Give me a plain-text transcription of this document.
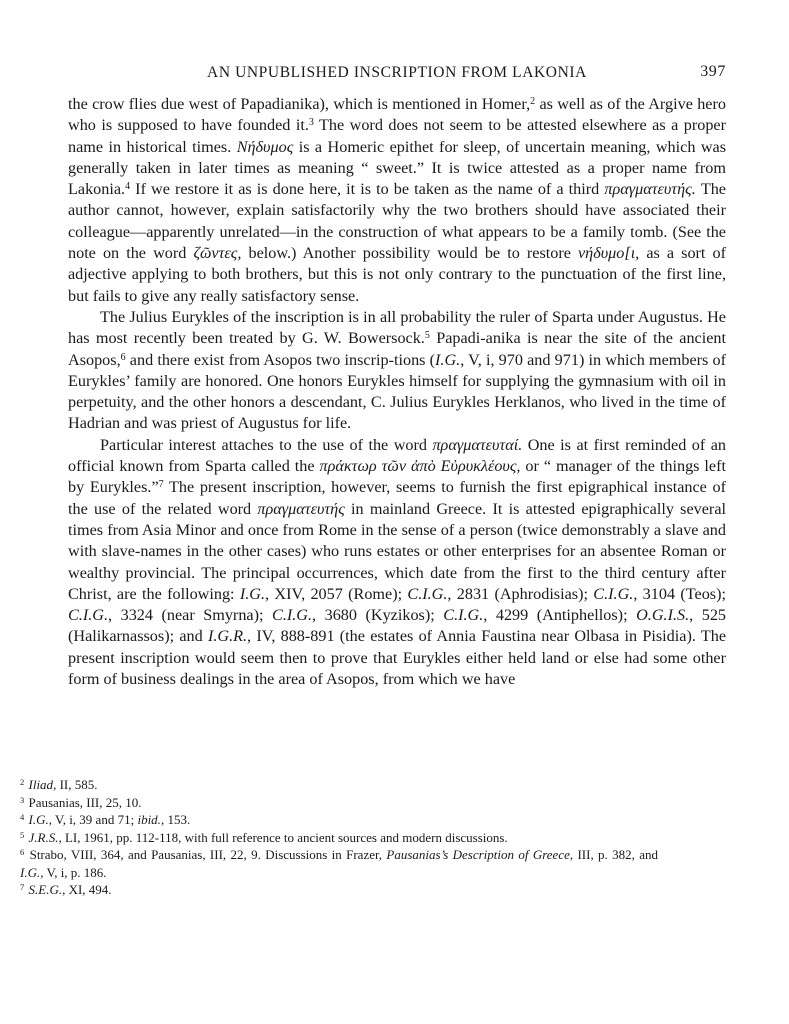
AN UNPUBLISHED INSCRIPTION FROM LAKONIA	397

the crow flies due west of Papadianika), which is mentioned in Homer,$^2$ as well as of the Argive hero who is supposed to have founded it.$^3$ The word does not seem to be attested elsewhere as a proper name in historical times. Νήδυμος is a Homeric epithet for sleep, of uncertain meaning, which was generally taken in later times as meaning “ sweet.” It is twice attested as a proper name from Lakonia.$^4$ If we restore it as is done here, it is to be taken as the name of a third πραγματευτής. The author cannot, however, explain satisfactorily why the two brothers should have associated their colleague—apparently unrelated—in the construction of what appears to be a family tomb. (See the note on the word ζῶντες, below.) Another possibility would be to restore νήδυμο[ι, as a sort of adjective applying to both brothers, but this is not only contrary to the punctuation of the first line, but fails to give any really satisfactory sense.

The Julius Eurykles of the inscription is in all probability the ruler of Sparta under Augustus. He has most recently been treated by G. W. Bowersock.$^5$ Papadi-anika is near the site of the ancient Asopos,$^6$ and there exist from Asopos two inscrip-tions (I.G., V, i, 970 and 971) in which members of Eurykles’ family are honored. One honors Eurykles himself for supplying the gymnasium with oil in perpetuity, and the other honors a descendant, C. Julius Eurykles Herklanos, who lived in the time of Hadrian and was priest of Augustus for life.

Particular interest attaches to the use of the word πραγματευταί. One is at first reminded of an official known from Sparta called the πράκτωρ τῶν ἀπὸ Εὐρυκλέους, or “ manager of the things left by Eurykles.”$^7$ The present inscription, however, seems to furnish the first epigraphical instance of the use of the related word πραγματευτής in mainland Greece. It is attested epigraphically several times from Asia Minor and once from Rome in the sense of a person (twice demonstrably a slave and with slave-names in the other cases) who runs estates or other enterprises for an absentee Roman or wealthy provincial. The principal occurrences, which date from the first to the third century after Christ, are the following: I.G., XIV, 2057 (Rome); C.I.G., 2831 (Aphrodisias); C.I.G., 3104 (Teos); C.I.G., 3324 (near Smyrna); C.I.G., 3680 (Kyzikos); C.I.G., 4299 (Antiphellos); O.G.I.S., 525 (Halikarnassos); and I.G.R., IV, 888-891 (the estates of Annia Faustina near Olbasa in Pisidia). The present inscription would seem then to prove that Eurykles either held land or else had some other form of business dealings in the area of Asopos, from which we have

$^2$ Iliad, II, 585.

$^3$ Pausanias, III, 25, 10.

$^4$ I.G., V, i, 39 and 71; ibid., 153.

$^5$ J.R.S., LI, 1961, pp. 112-118, with full reference to ancient sources and modern discussions.

$^6$ Strabo, VIII, 364, and Pausanias, III, 22, 9. Discussions in Frazer, Pausanias’s Description of Greece, III, p. 382, and I.G., V, i, p. 186.

$^7$ S.E.G., XI, 494.
